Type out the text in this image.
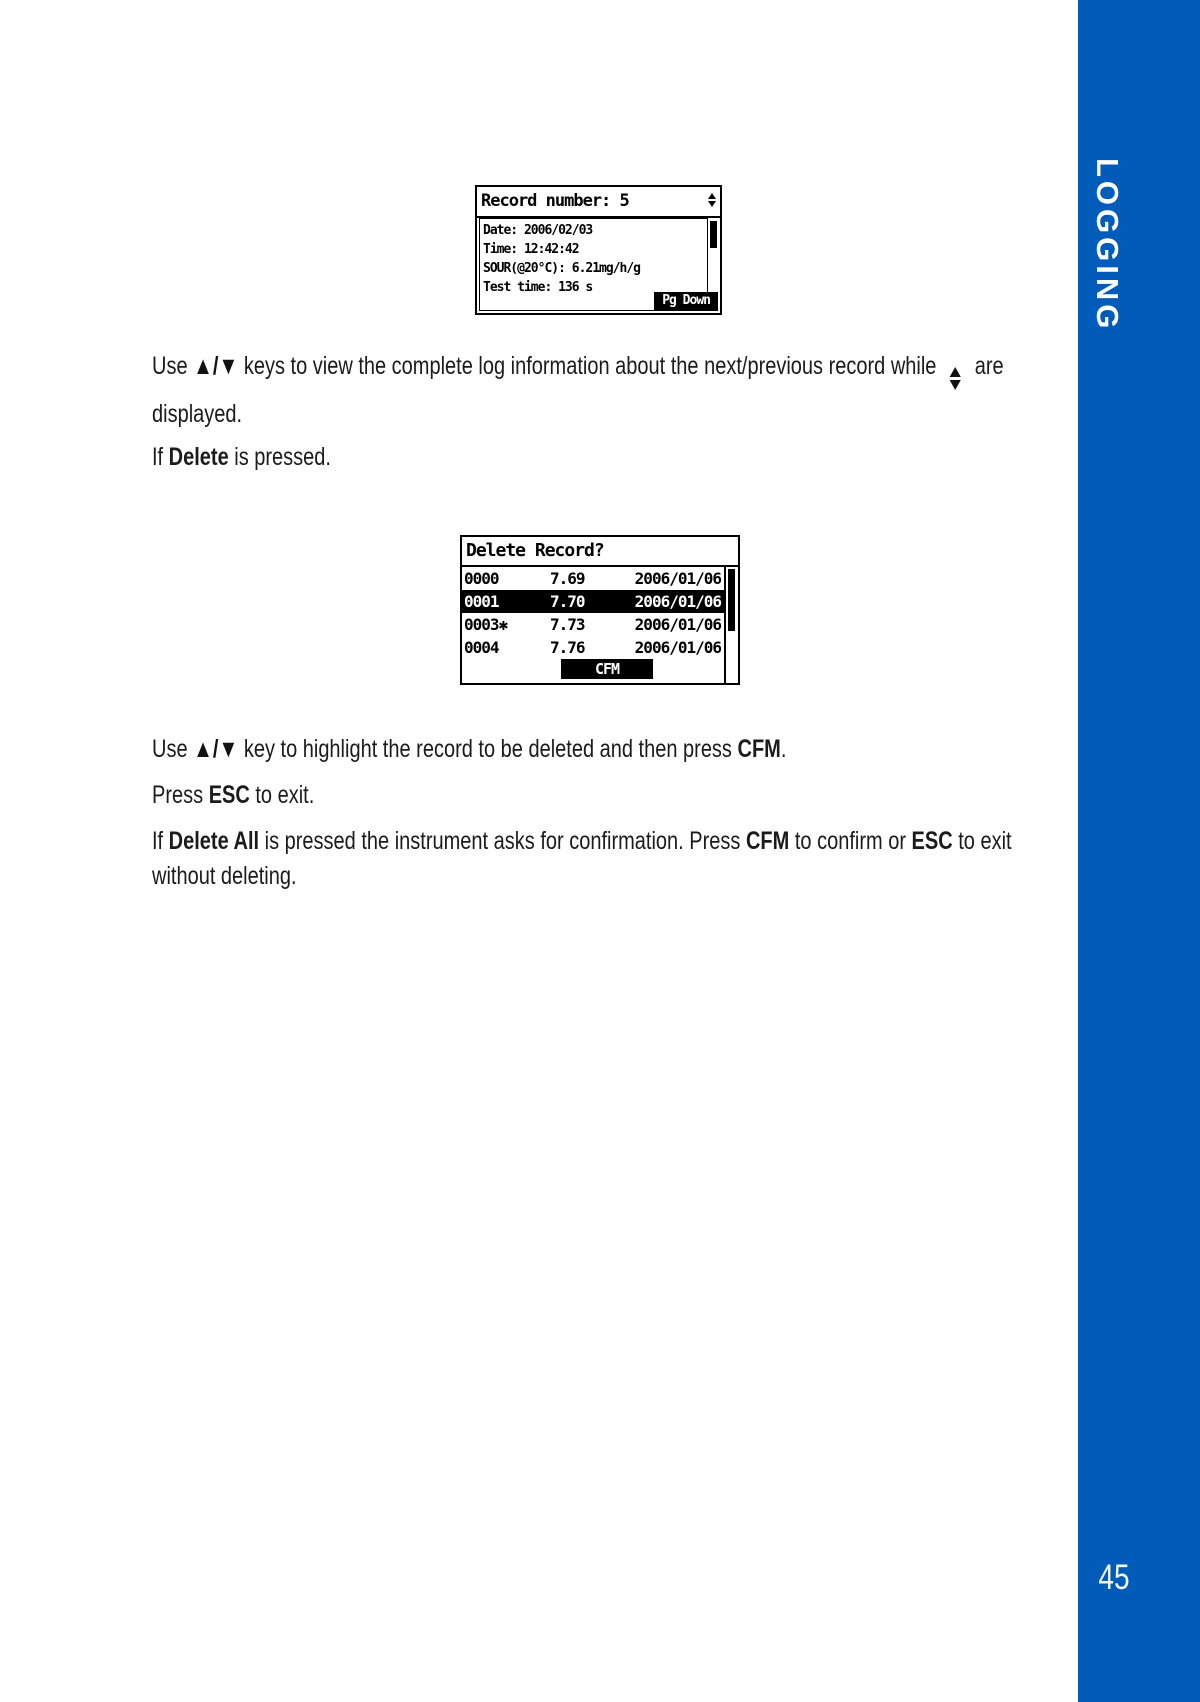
Record number: 5
Date: 2006/02/03
Time: 12:42:42
SOUR(@20°C): 6.21mg/h/g
Test time: 136 s
Pg Down
Use ▲/▼ keys to view the complete log information about the next/previous record while
are
displayed.
If Delete is pressed.
Delete Record?
0000	7.69	2006/01/06
0001	7.70	2006/01/06
0003✱	7.73	2006/01/06
0004	7.76	2006/01/06
CFM
Use ▲/▼ key to highlight the record to be deleted and then press CFM.
Press ESC to exit.
If Delete All is pressed the instrument asks for confirmation. Press CFM to confirm or ESC to exit
without deleting.
LOGGING
45
